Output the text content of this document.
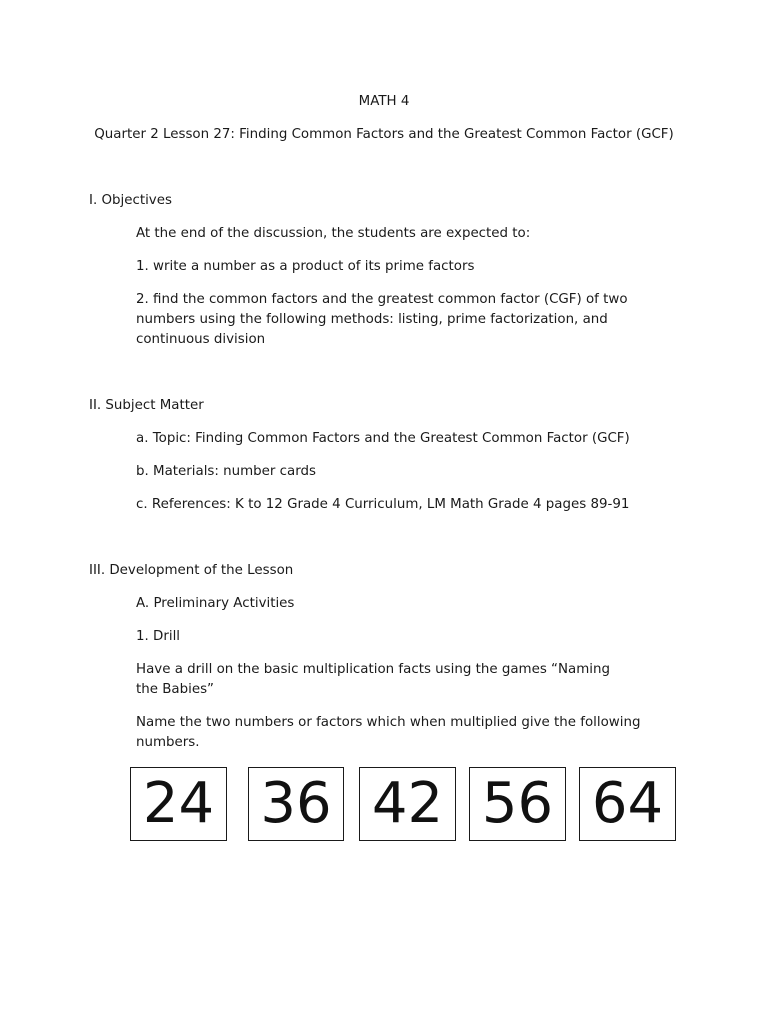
MATH 4
Quarter 2 Lesson 27: Finding Common Factors and the Greatest Common Factor (GCF)
I. Objectives
At the end of the discussion, the students are expected to:
1. write a number as a product of its prime factors
2. find the common factors and the greatest common factor (CGF) of two numbers using the following methods: listing, prime factorization, and continuous division
II. Subject Matter
a. Topic: Finding Common Factors and the Greatest Common Factor (GCF)
b. Materials: number cards
c. References: K to 12 Grade 4 Curriculum, LM Math Grade 4 pages 89-91
III. Development of the Lesson
A. Preliminary Activities
1. Drill
Have a drill on the basic multiplication facts using the games “Naming the Babies”
Name the two numbers or factors which when multiplied give the following numbers.
24 36 42 56 64
